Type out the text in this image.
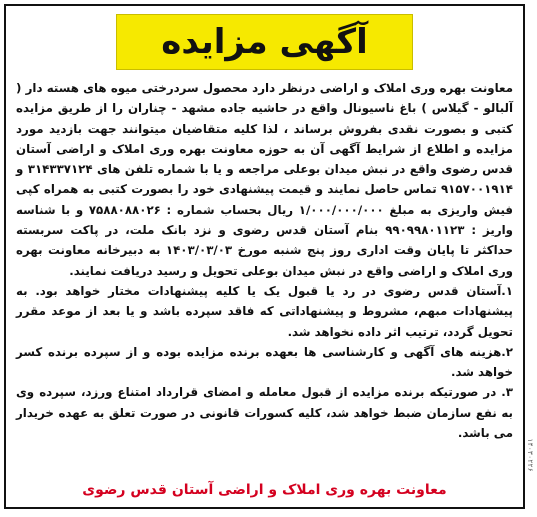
آگهی مزایده

معاونت بهره وری املاک و اراضی درنظر دارد محصول سردرختی میوه های هسته دار ( آلبالو - گیلاس ) باغ ناسیونال واقع در حاشیه جاده مشهد - چناران را از طریق مزایده کتبی و بصورت نقدی بفروش برساند ، لذا کلیه متقاضیان میتوانند جهت بازدید مورد مزایده و اطلاع از شرایط آگهی آن به حوزه معاونت بهره وری املاک و اراضی آستان قدس رضوی واقع در نبش میدان بوعلی مراجعه و یا با شماره تلفن های ۳۱۴۳۳۷۱۲۴ و ۹۱۵۷۰۰۱۹۱۴ تماس حاصل نمایند و قیمت پیشنهادی خود را بصورت کتبی به همراه کپی فیش واریزی به مبلغ ۱/۰۰۰/۰۰۰/۰۰۰ ریال بحساب شماره : ۷۵۸۸۰۸۸۰۲۶ و با شناسه واریز : ۹۹۰۹۹۸۰۱۱۲۳ بنام آستان قدس رضوی و نزد بانک ملت، در پاکت سربسته حداکثر تا پایان وقت اداری روز پنج شنبه مورخ ۱۴۰۳/۰۳/۰۳ به دبیرخانه معاونت بهره وری املاک و اراضی واقع در نبش میدان بوعلی تحویل و رسید دریافت نمایند.

۱.آستان قدس رضوی در رد یا قبول یک یا کلیه پیشنهادات مختار خواهد بود. به پیشنهادات مبهم، مشروط و پیشنهاداتی که فاقد سپرده باشد و یا بعد از موعد مقرر تحویل گردد، ترتیب اثر داده نخواهد شد.

۲.هزینه های آگهی و کارشناسی ها بعهده برنده مزایده بوده و از سپرده برنده کسر خواهد شد.

۳. در صورتیکه برنده مزایده از قبول معامله و امضای قرارداد امتناع ورزد، سپرده وی به نفع سازمان ضبط خواهد شد، کلیه کسورات قانونی در صورت تعلق به عهده خریدار می باشد.

معاونت بهره وری املاک و اراضی آستان قدس رضوی
۱۴۰۳۰۲۲۶
